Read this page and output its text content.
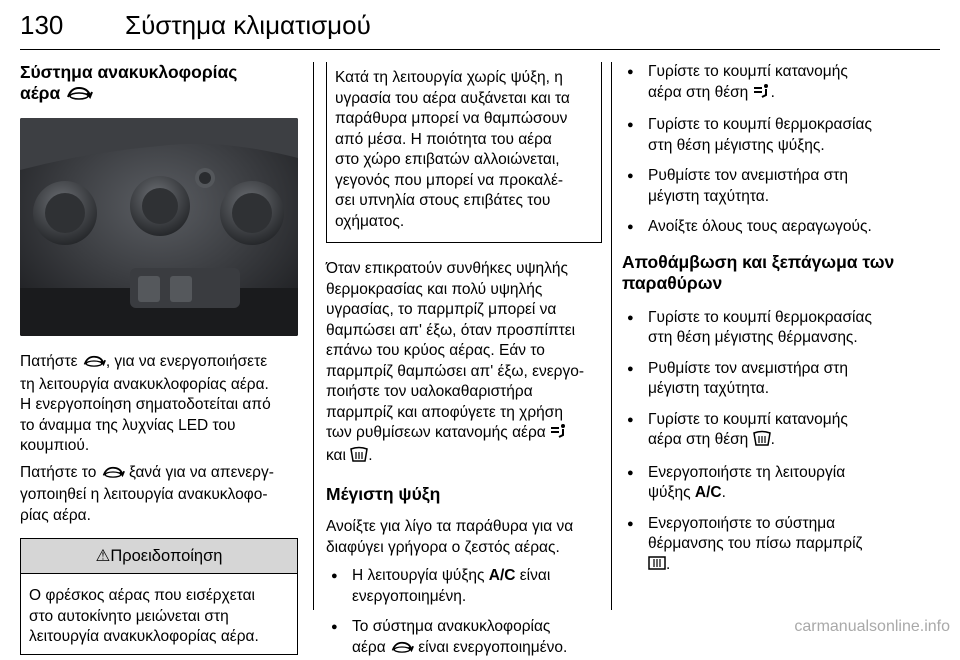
130 Σύστημα κλιματισμού
Σύστημα ανακυκλοφορίας
αέρα
Πατήστε , για να ενεργοποιήσετε
τη λειτουργία ανακυκλοφορίας αέρα.
Η ενεργοποίηση σηματοδοτείται από
το άναμμα της λυχνίας LED του
κουμπιού.
Πατήστε το  ξανά για να απενεργ-
γοποιηθεί η λειτουργία ανακυκλοφο-
ρίας αέρα.
⚠Προειδοποίηση
Ο φρέσκος αέρας που εισέρχεται
στο αυτοκίνητο μειώνεται στη
λειτουργία ανακυκλοφορίας αέρα.
Κατά τη λειτουργία χωρίς ψύξη, η
υγρασία του αέρα αυξάνεται και τα
παράθυρα μπορεί να θαμπώσουν
από μέσα. Η ποιότητα του αέρα
στο χώρο επιβατών αλλοιώνεται,
γεγονός που μπορεί να προκαλέ-
σει υπνηλία στους επιβάτες του
οχήματος.
Όταν επικρατούν συνθήκες υψηλής
θερμοκρασίας και πολύ υψηλής
υγρασίας, το παρμπρίζ μπορεί να
θαμπώσει απ' έξω, όταν προσπίπτει
επάνω του κρύος αέρας. Εάν το
παρμπρίζ θαμπώσει απ' έξω, ενεργο-
ποιήστε τον υαλοκαθαριστήρα
παρμπρίζ και αποφύγετε τη χρήση
των ρυθμίσεων κατανομής αέρα
και .
Μέγιστη ψύξη
Ανοίξτε για λίγο τα παράθυρα για να
διαφύγει γρήγορα ο ζεστός αέρας.
● Η λειτουργία ψύξης A/C είναι
ενεργοποιημένη.
● Το σύστημα ανακυκλοφορίας
αέρα  είναι ενεργοποιημένο.
● Γυρίστε το κουμπί κατανομής
αέρα στη θέση .
● Γυρίστε το κουμπί θερμοκρασίας
στη θέση μέγιστης ψύξης.
● Ρυθμίστε τον ανεμιστήρα στη
μέγιστη ταχύτητα.
● Ανοίξτε όλους τους αεραγωγούς.
Αποθάμβωση και ξεπάγωμα των
παραθύρων
● Γυρίστε το κουμπί θερμοκρασίας
στη θέση μέγιστης θέρμανσης.
● Ρυθμίστε τον ανεμιστήρα στη
μέγιστη ταχύτητα.
● Γυρίστε το κουμπί κατανομής
αέρα στη θέση .
● Ενεργοποιήστε τη λειτουργία
ψύξης A/C.
● Ενεργοποιήστε το σύστημα
θέρμανσης του πίσω παρμπρίζ
.
carmanualsonline.info
